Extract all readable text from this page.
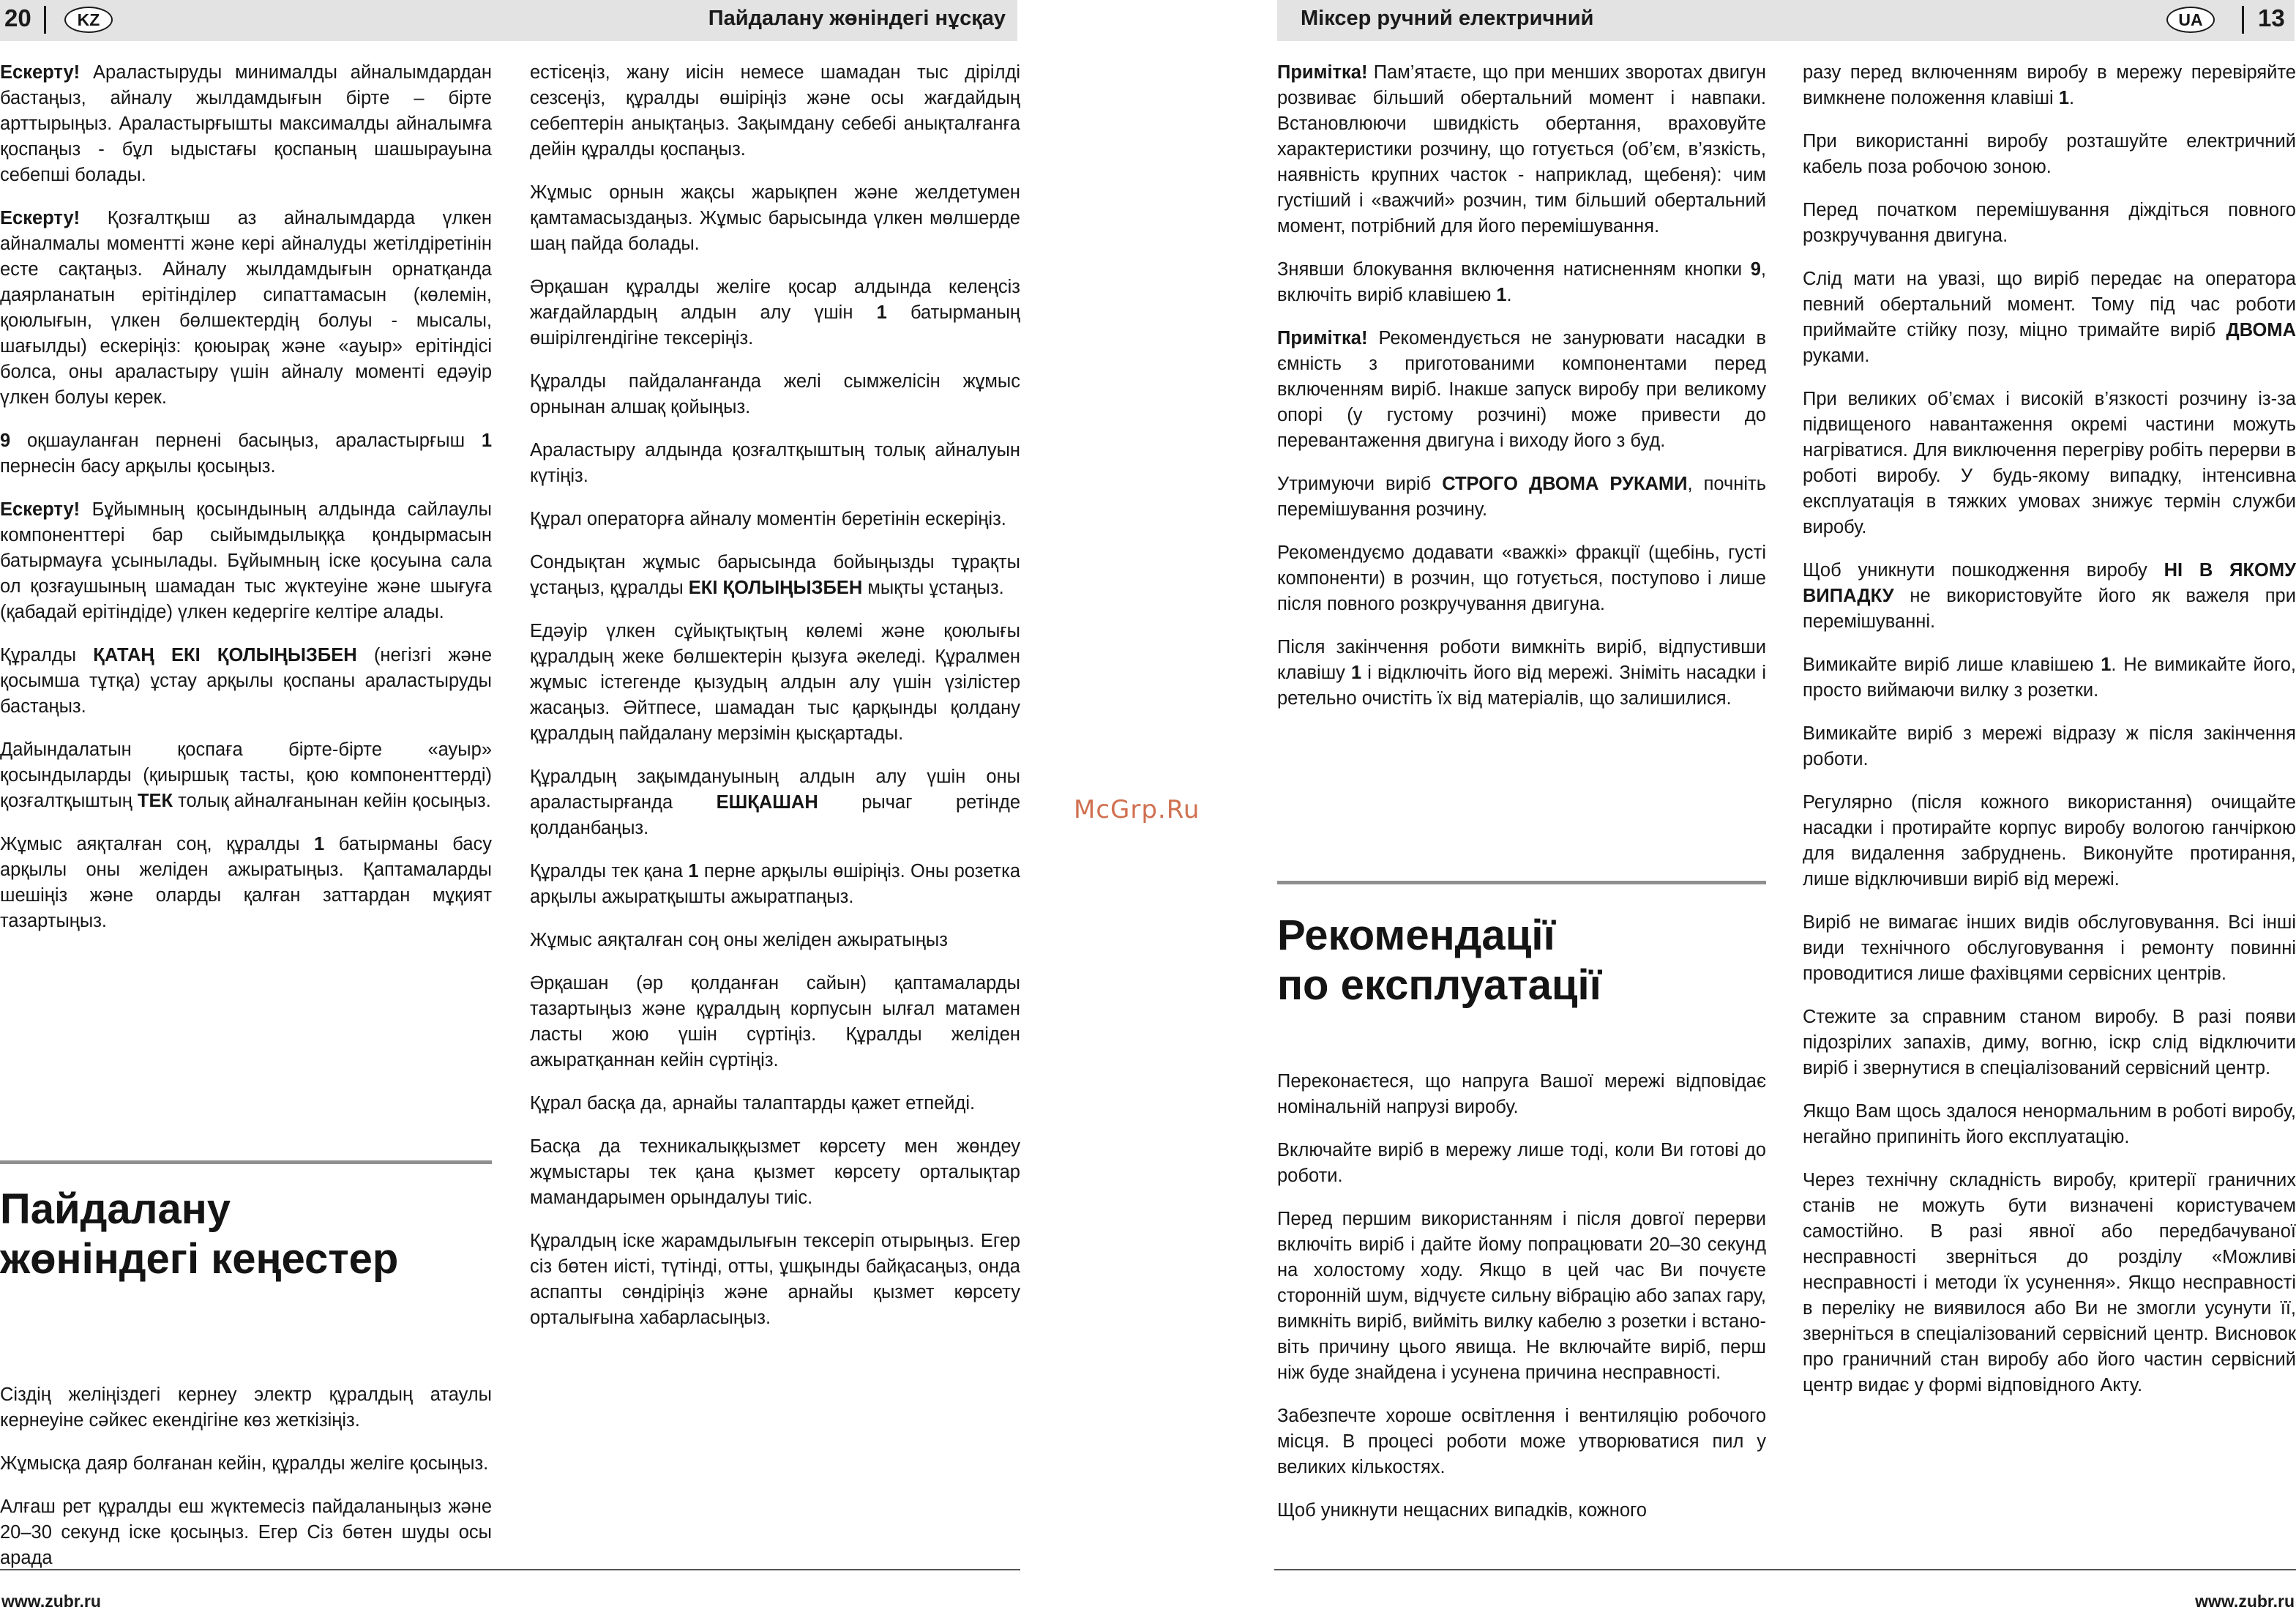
20	KZ	Пайдалану жөніндегі нұсқау

Ескерту! Араластыруды минималды айналымдардан бастаңыз, айналу жылдамдығын біртe – бірте арттырыңыз. Араластырғышты максималды айналымға қоспаңыз - бұл ыдыстағы қоспаның шашырауына себепші болады.

Ескерту! Қозғалтқыш аз айналымдарда үлкен айналмалы моментті және кері айналуды жетілдіретінін есте сақтаңыз. Айналу жылдамдығын орнатқанда даярланатын ерітінділер сипаттамасын (көлемін, қоюлығын, үлкен бөлшектердің болуы - мысалы, шағылды) ескеріңіз: қоюырақ және «ауыр» ерітіндісі болса, оны араластыру үшін айналу моменті едәуір үлкен болуы керек.

9 оқшауланған пернені басыңыз, араластырғыш 1 пернесін басу арқылы қосыңыз.

Ескерту! Бұйымның қосындының алдында сайлаулы компоненттері бар сыйымдылыққа қондырмасын батырмауға ұсынылады. Бұйымның іске қосуына сала ол қозғаушының шамадан тыс жүктеуіне және шығуға (қабадай ерітіндіде) үлкен кедергіге келтіре алады.

Құралды ҚАТАҢ ЕКІ ҚОЛЫҢЫЗБЕН (негізгі және қосымша тұтқа) ұстау арқылы қоспаны араластыруды бастаңыз.

Дайындалатын қоспаға біртe-біртe «ауыр» қосындыларды (қиыршық тасты, қою компоненттерді) қозғалтқыштың ТЕК толық айналғанынан кейін қосыңыз.

Жұмыс аяқталған соң, құралды 1 батырманы басу арқылы оны желіден ажыратыңыз. Қаптамаларды шешіңіз және оларды қалған заттардан мұқият тазартыңыз.

Пайдалану
жөніндегі кеңестер

Сіздің желіңіздегі кернеу электр құралдың атаулы кернеуіне сәйкес екендігіне көз жеткізіңіз.

Жұмысқа даяр болғанан кейін, құралды желіге қосыңыз.

Алғаш рет құралды еш жүктемесіз пайдаланыңыз және 20–30 секунд іске қосыңыз. Егер Сіз бөтен шуды осы арада

естісеңіз, жану иісін немесе шамадан тыс дірілді сезсеңіз, құралды өшіріңіз және осы жағдайдың себептерін анықтаңыз. Зақымдану себебі анықталғанға дейін құралды қоспаңыз.

Жұмыс орнын жақсы жарықпен және желдетумен қамтамасыздаңыз. Жұмыс барысында үлкен мөлшерде шаң пайда болады.

Әрқашан құралды желіге қосар алдында келеңсіз жағдайлардың алдын алу үшін 1 батырманың өшірілгендігіне тексеріңіз.

Құралды пайдаланғанда желі сымжелісін жұмыс орнынан алшақ қойыңыз.

Араластыру алдында қозғалтқыштың толық айналуын күтіңіз.

Құрал операторға айналу моментін беретінін ескеріңіз.

Сондықтан жұмыс барысында бойыңызды тұрақты ұстаңыз, құралды ЕКІ ҚОЛЫҢЫЗБЕН мықты ұстаңыз.

Едәуір үлкен сұйықтықтың көлемі және қоюлығы құралдың жеке бөлшектерін қызуға әкеледі. Құралмен жұмыс істегенде қызудың алдын алу үшін үзілістер жасаңыз. Әйтпесе, шамадан тыс қарқынды қолдану құралдың пайдалану мерзімін қысқартады.

Құралдың зақымдануының алдын алу үшін оны араластырғанда ЕШҚАШАН рычаг ретінде қолданбаңыз.

Құралды тек қана 1 перне арқылы өшіріңіз. Оны розетка арқылы ажыратқышты ажыратпаңыз.

Жұмыс аяқталған соң оны желіден ажыратыңыз

Әрқашан (әр қолданған сайын) қаптамаларды тазартыңыз және құралдың корпусын ылғал матамен ласты жою үшін сүртіңіз. Құралды желіден ажыратқаннан кейін сүртіңіз.

Құрал басқа да, арнайы талаптарды қажет етпейді.

Басқа да техникалыққызмет көрсету мен жөндеу жұмыстары тек қана қызмет көрсету орталықтар мамандарымен орындалуы тиіс.

Құралдың іске жарамдылығын тексеріп отырыңыз. Егер сіз бөтен иісті, түтінді, отты, ұшқынды байқасаңыз, онда аспапты сөндіріңіз және арнайы қызмет көрсету орталығына хабарласыңыз.

www.zubr.ru
McGrp.Ru
Міксер ручний електричний	UA	13

Примітка! Пам’ятаєте, що при менших зворотах двигун розвиває більший обертальний момент і навпаки. Встановлюючи швидкість обертання, враховуйте характеристики розчину, що готується (об’єм, в’язкість, наявність крупних часток - наприклад, щебеня): чим густіший і «важчий» розчин, тим більший обертальний момент, потрібний для його перемішування.

Знявши блокування включення натисненням кнопки 9, включіть виріб клавішею 1.

Примітка! Рекомендується не занурювати насадки в ємність з приготованими компонентами перед включенням виріб. Інакше запуск виробу при великому опорі (у густому розчині) може привести до перевантаження двигуна і виходу його з буд.

Утримуючи виріб СТРОГО ДВОМА РУКАМИ, почніть перемішування розчину.

Рекомендуємо додавати «важкі» фракції (щебінь, густі компоненти) в розчин, що готується, поступово і лише після повного розкручування двигуна.

Після закінчення роботи вимкніть виріб, відпустивши клавішу 1 і відключіть його від мережі. Зніміть насадки і ретельно очистіть їх від матеріалів, що залишилися.

Рекомендації
по експлуатації

Переконаєтеся, що напруга Вашої мережі відповідає номінальній напрузі виробу.

Включайте виріб в мережу лише тоді, коли Ви готові до роботи.

Перед першим використанням і після довгої перерви включіть виріб і дайте йому попрацювати 20–30 секунд на холостому ходу. Якщо в цей час Ви почуєте сторонній шум, відчуєте сильну вібрацію або запах гару, вимкніть виріб, вийміть вилку кабелю з розетки і встановіть причину цього явища. Не включайте виріб, перш ніж буде знайдена і усунена причина несправності.

Забезпечте хороше освітлення і вентиляцію робочого місця. В процесі роботи може утворюватися пил у великих кількостях.

Щоб уникнути нещасних випадків, кожного

разу перед включенням виробу в мережу перевіряйте вимкнене положення клавіші 1.

При використанні виробу розташуйте електричний кабель поза робочою зоною.

Перед початком перемішування діждіться повного розкручування двигуна.

Слід мати на увазі, що виріб передає на оператора певний обертальний момент. Тому під час роботи приймайте стійку позу, міцно тримайте виріб ДВОМА руками.

При великих об’ємах і високій в’язкості розчину із-за підвищеного навантаження окремі частини можуть нагріватися. Для виключення перегріву робіть перерви в роботі виробу. У будь-якому випадку, інтенсивна експлуатація в тяжких умовах знижує термін служби виробу.

Щоб уникнути пошкодження виробу НІ В ЯКОМУ ВИПАДКУ не використовуйте його як важеля при перемішуванні.

Вимикайте виріб лише клавішею 1. Не вимикайте його, просто виймаючи вилку з розетки.

Вимикайте виріб з мережі відразу ж після закінчення роботи.

Регулярно (після кожного використання) очищайте насадки і протирайте корпус виробу вологою ганчіркою для видалення забруднень. Виконуйте протирання, лише відключивши виріб від мережі.

Виріб не вимагає інших видів обслуговування. Всі інші види технічного обслуговування і ремонту повинні проводитися лише фахівцями сервісних центрів.

Стежите за справним станом виробу. В разі появи підозрілих запахів, диму, вогню, іскр слід відключити виріб і звернутися в спеціалізований сервісний центр.

Якщо Вам щось здалося ненормальним в роботі виробу, негайно припиніть його експлуатацію.

Через технічну складність виробу, критерії граничних станів не можуть бути визначені користувачем самостійно. В разі явної або передбачуваної несправності зверніться до розділу «Можливі несправності і методи їх усунення». Якщо несправності в переліку не виявилося або Ви не змогли усунути її, зверніться в спеціалізований сервісний центр. Висновок про граничний стан виробу або його частин сервісний центр видає у формі відповідного Акту.

www.zubr.ru
